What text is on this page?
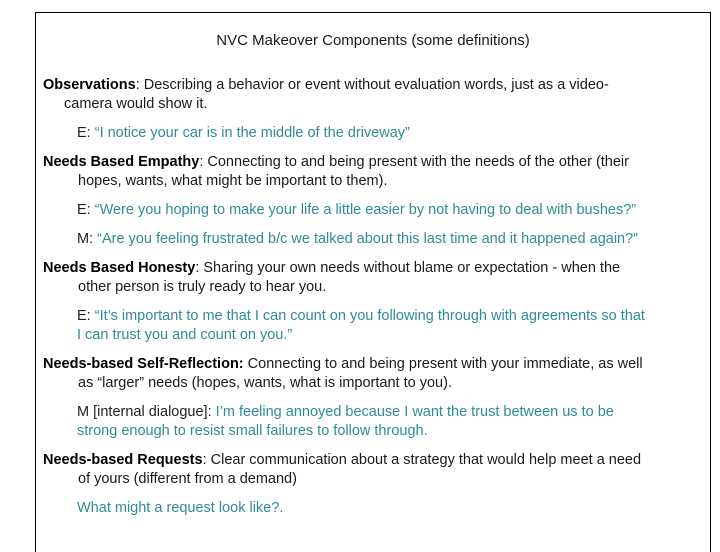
NVC Makeover Components (some definitions)
Observations: Describing a behavior or event without evaluation words, just as a video-
camera would show it.
E: “I notice your car is in the middle of the driveway”
Needs Based Empathy: Connecting to and being present with the needs of the other (their
hopes, wants, what might be important to them).
E: “Were you hoping to make your life a little easier by not having to deal with bushes?”
M: “Are you feeling frustrated b/c we talked about this last time and it happened again?”
Needs Based Honesty: Sharing your own needs without blame or expectation - when the
other person is truly ready to hear you.
E: “It’s important to me that I can count on you following through with agreements so that
I can trust you and count on you.”
Needs-based Self-Reflection: Connecting to and being present with your immediate, as well
as “larger” needs (hopes, wants, what is important to you).
M [internal dialogue]: I’m feeling annoyed because I want the trust between us to be
strong enough to resist small failures to follow through.
Needs-based Requests: Clear communication about a strategy that would help meet a need
of yours (different from a demand)
What might a request look like?.
